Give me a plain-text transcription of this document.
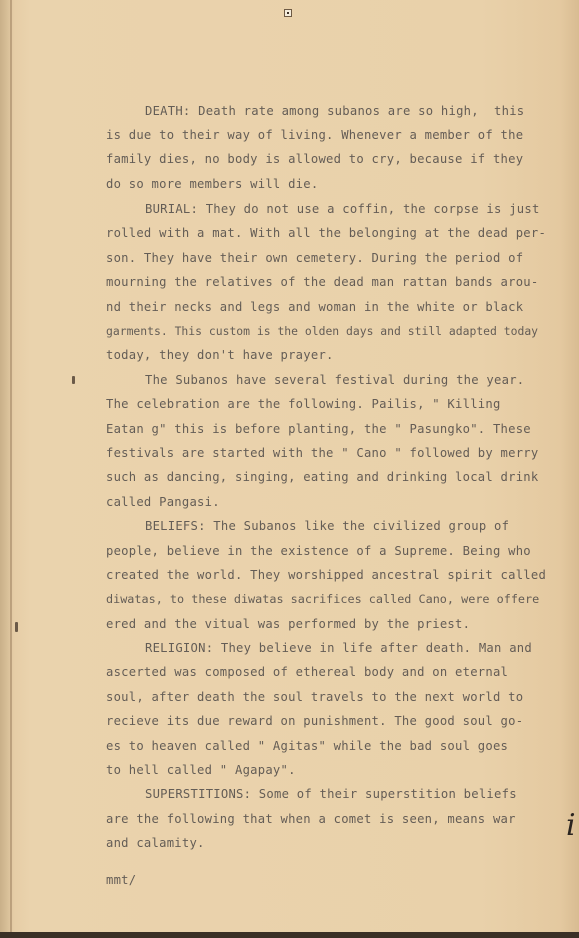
DEATH: Death rate among subanos are so high,  this
is due to their way of living. Whenever a member of the
family dies, no body is allowed to cry, because if they
do so more members will die.
BURIAL: They do not use a coffin, the corpse is just
rolled with a mat. With all the belonging at the dead per-
son. They have their own cemetery. During the period of
mourning the relatives of the dead man rattan bands arou-
nd their necks and legs and woman in the white or black
garments. This custom is the olden days and still adapted today
today, they don't have prayer.
The Subanos have several festival during the year.
The celebration are the following. Pailis, " Killing
Eatan g" this is before planting, the " Pasungko". These
festivals are started with the " Cano " followed by merry
such as dancing, singing, eating and drinking local drink
called Pangasi.
BELIEFS: The Subanos like the civilized group of
people, believe in the existence of a Supreme. Being who
created the world. They worshipped ancestral spirit called
diwatas, to these diwatas sacrifices called Cano, were offere
ered and the vitual was performed by the priest.
RELIGION: They believe in life after death. Man and
ascerted was composed of ethereal body and on eternal
soul, after death the soul travels to the next world to
recieve its due reward on punishment. The good soul go-
es to heaven called " Agitas" while the bad soul goes
to hell called " Agapay".
SUPERSTITIONS: Some of their superstition beliefs
are the following that when a comet is seen, means war
and calamity.
mmt/
i
